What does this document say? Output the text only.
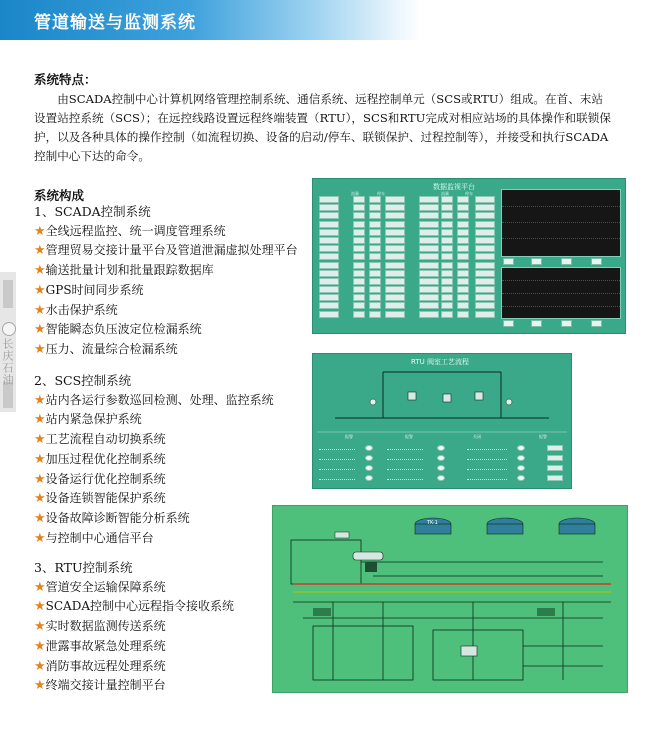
管道输送与监测系统
长庆石油
系统特点：

由SCADA控制中心计算机网络管理控制系统、通信系统、远程控制单元（SCS或RTU）组成。在首、末站设置站控系统（SCS）；在远控线路设置远程终端装置（RTU），SCS和RTU完成对相应站场的具体操作和联锁保护，以及各种具体的操作控制（如流程切换、设备的启动/停车、联锁保护、过程控制等），并接受和执行SCADA控制中心下达的命令。

系统构成
1、SCADA控制系统
★全线远程监控、统一调度管理系统
★管理贸易交接计量平台及管道泄漏虚拟处理平台
★输送批量计划和批量跟踪数据库
★GPS时间同步系统
★水击保护系统
★智能瞬态负压波定位检漏系统
★压力、流量综合检漏系统
2、SCS控制系统
★站内各运行参数巡回检测、处理、监控系统
★站内紧急保护系统
★工艺流程自动切换系统
★加压过程优化控制系统
★设备运行优化控制系统
★设备连锁智能保护系统
★设备故障诊断智能分析系统
★与控制中心通信平台
3、RTU控制系统
★管道安全运输保障系统
★SCADA控制中心远程指令接收系统
★实时数据监测传送系统
★泄露事故紧急处理系统
★消防事故远程处理系统
★终端交接计量控制平台
数据监视平台
流量	停车	流量	停车
RTU 阀室工艺流程
报警	报警	关闭	报警
TK-1
